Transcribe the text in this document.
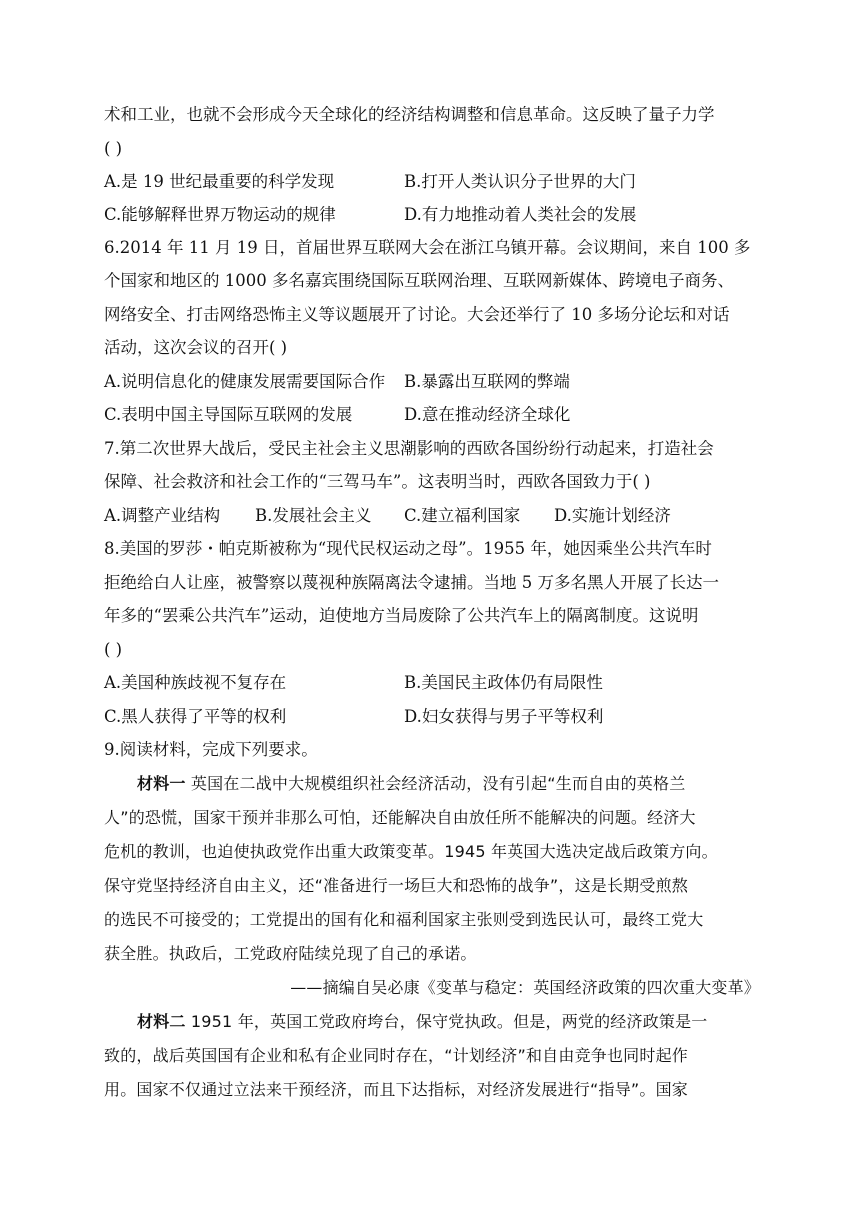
术和工业，也就不会形成今天全球化的经济结构调整和信息革命。这反映了量子力学
( )
A.是 19 世纪最重要的科学发现	B.打开人类认识分子世界的大门
C.能够解释世界万物运动的规律	D.有力地推动着人类社会的发展
6.2014 年 11 月 19 日，首届世界互联网大会在浙江乌镇开幕。会议期间，来自 100 多
个国家和地区的 1000 多名嘉宾围绕国际互联网治理、互联网新媒体、跨境电子商务、
网络安全、打击网络恐怖主义等议题展开了讨论。大会还举行了 10 多场分论坛和对话
活动，这次会议的召开( )
A.说明信息化的健康发展需要国际合作 B.暴露出互联网的弊端
C.表明中国主导国际互联网的发展	D.意在推动经济全球化
7.第二次世界大战后，受民主社会主义思潮影响的西欧各国纷纷行动起来，打造社会
保障、社会救济和社会工作的“三驾马车”。这表明当时，西欧各国致力于( )
A.调整产业结构 B.发展社会主义 C.建立福利国家 D.实施计划经济
8.美国的罗莎・帕克斯被称为“现代民权运动之母”。1955 年，她因乘坐公共汽车时
拒绝给白人让座，被警察以蔑视种族隔离法令逮捕。当地 5 万多名黑人开展了长达一
年多的“罢乘公共汽车”运动，迫使地方当局废除了公共汽车上的隔离制度。这说明
( )
A.美国种族歧视不复存在	B.美国民主政体仍有局限性
C.黑人获得了平等的权利	D.妇女获得与男子平等权利
9.阅读材料，完成下列要求。
材料一 英国在二战中大规模组织社会经济活动，没有引起“生而自由的英格兰
人”的恐慌，国家干预并非那么可怕，还能解决自由放任所不能解决的问题。经济大
危机的教训，也迫使执政党作出重大政策变革。1945 年英国大选决定战后政策方向。
保守党坚持经济自由主义，还“准备进行一场巨大和恐怖的战争”，这是长期受煎熬
的选民不可接受的；工党提出的国有化和福利国家主张则受到选民认可，最终工党大
获全胜。执政后，工党政府陆续兑现了自己的承诺。
——摘编自吴必康《变革与稳定：英国经济政策的四次重大变革》
材料二 1951 年，英国工党政府垮台，保守党执政。但是，两党的经济政策是一
致的，战后英国国有企业和私有企业同时存在，“计划经济”和自由竞争也同时起作
用。国家不仅通过立法来干预经济，而且下达指标，对经济发展进行“指导”。国家
